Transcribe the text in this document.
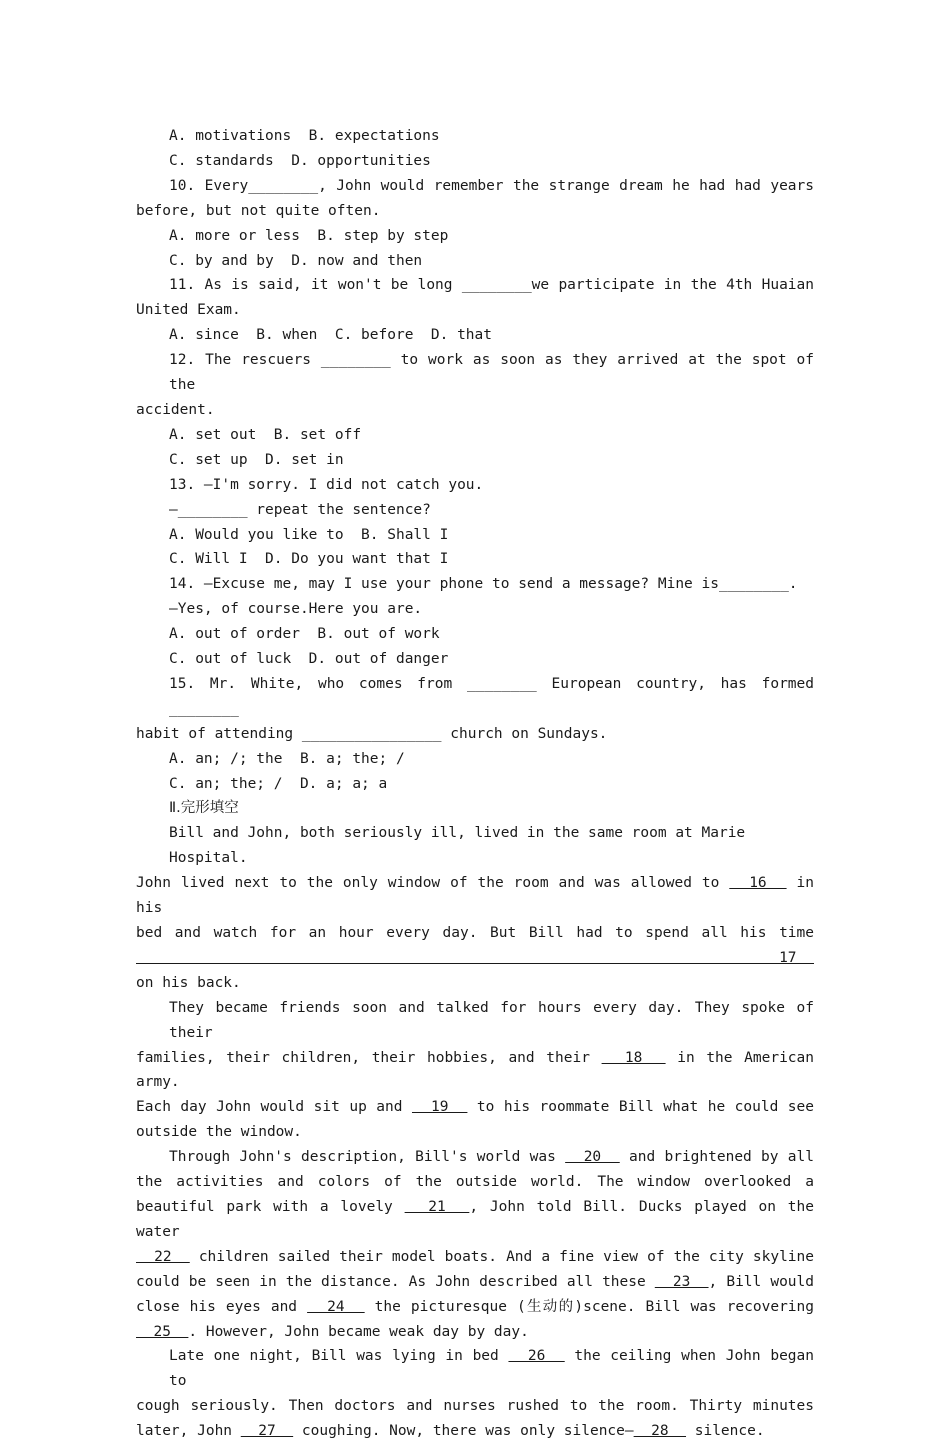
A. motivations  B. expectations
C. standards  D. opportunities
10. Every________, John would remember the strange dream he had had years
before, but not quite often.
A. more or less  B. step by step
C. by and by  D. now and then
11. As is said, it won't be long ________we participate in the 4th Huaian
United Exam.
A. since  B. when  C. before  D. that
12. The rescuers ________ to work as soon as they arrived at the spot of the
accident.
A. set out  B. set off
C. set up  D. set in
13. —I'm sorry. I did not catch you.
—________ repeat the sentence?
A. Would you like to  B. Shall I
C. Will I  D. Do you want that I
14. —Excuse me, may I use your phone to send a message? Mine is________.
—Yes, of course.Here you are.
A. out of order  B. out of work
C. out of luck  D. out of danger
15. Mr. White, who comes from ________ European country, has formed ________
habit of attending ________________ church on Sundays.
A. an; /; the  B. a; the; /
C. an; the; /  D. a; a; a
Ⅱ.完形填空
Bill and John, both seriously ill, lived in the same room at Marie Hospital.
John lived next to the only window of the room and was allowed to   16   in his
bed and watch for an hour every day. But Bill had to spend all his time   17
on his back.
They became friends soon and talked for hours every day. They spoke of their
families, their children, their hobbies, and their   18   in the American army.
Each day John would sit up and   19   to his roommate Bill what he could see
outside the window.
Through John's description, Bill's world was   20   and brightened by all
the activities and colors of the outside world. The window overlooked a
beautiful park with a lovely   21  , John told Bill. Ducks played on the water
22   children sailed their model boats. And a fine view of the city skyline
could be seen in the distance. As John described all these   23  , Bill would
close his eyes and   24   the picturesque (生动的)scene. Bill was recovering
25  . However, John became weak day by day.
Late one night, Bill was lying in bed   26   the ceiling when John began to
cough seriously. Then doctors and nurses rushed to the room. Thirty minutes
later, John   27   coughing. Now, there was only silence—  28   silence.
